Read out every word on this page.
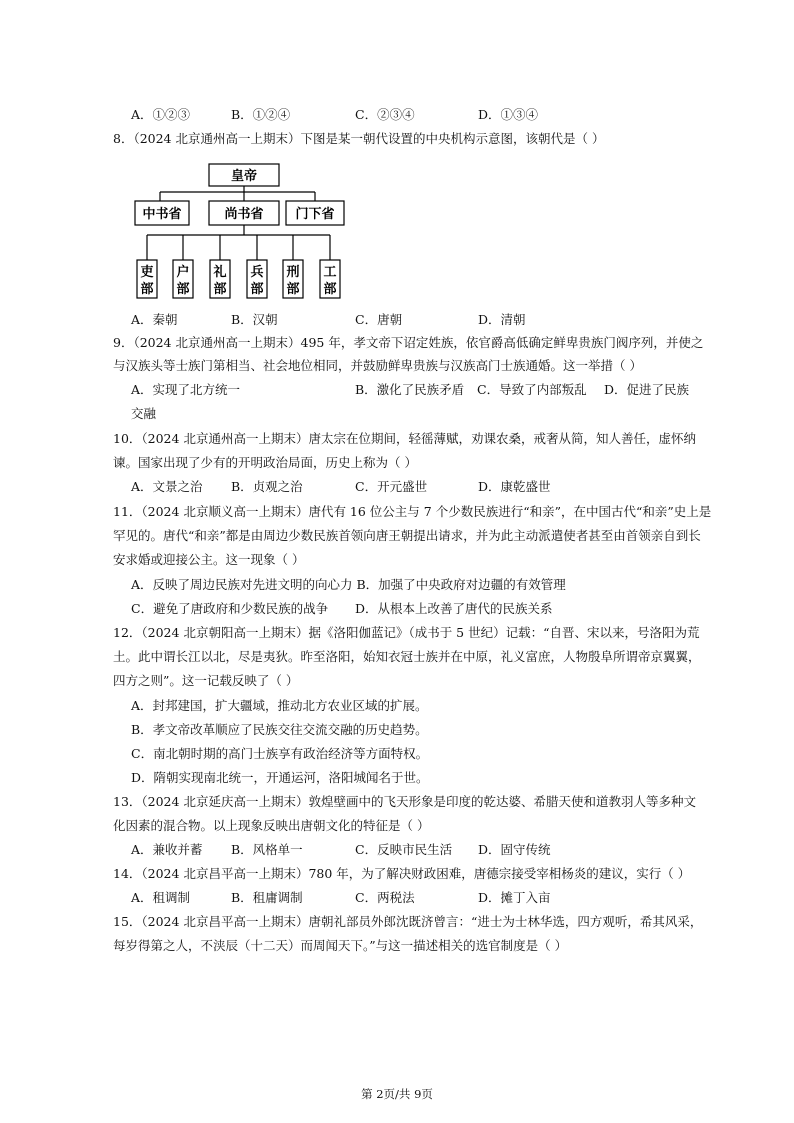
A．①②③	B．①②④	C．②③④	D．①③④
8．（2024 北京通州高一上期末）下图是某一朝代设置的中央机构示意图，该朝代是（ ）
皇帝
中书省	尚书省 门下省
吏部
户部
礼部
兵部
刑部
工部
A．秦朝	B．汉朝	C．唐朝	D．清朝
9．（2024 北京通州高一上期末）495 年，孝文帝下诏定姓族，依官爵高低确定鲜卑贵族门阀序列，并使之
与汉族头等士族门第相当、社会地位相同，并鼓励鲜卑贵族与汉族高门士族通婚。这一举措（ ）
A．实现了北方统一	B．激化了民族矛盾 C．导致了内部叛乱 D．促进了民族
交融
10．（2024 北京通州高一上期末）唐太宗在位期间，轻徭薄赋，劝课农桑，戒奢从简，知人善任，虚怀纳
谏。国家出现了少有的开明政治局面，历史上称为（ ）
A．文景之治 B．贞观之治	C．开元盛世	D．康乾盛世
11．（2024 北京顺义高一上期末）唐代有 16 位公主与 7 个少数民族进行“和亲”，在中国古代“和亲”史上是
罕见的。唐代“和亲”都是由周边少数民族首领向唐王朝提出请求，并为此主动派遣使者甚至由首领亲自到长
安求婚或迎接公主。这一现象（ ）
A．反映了周边民族对先进文明的向心力 B．加强了中央政府对边疆的有效管理
C．避免了唐政府和少数民族的战争 D．从根本上改善了唐代的民族关系
12．（2024 北京朝阳高一上期末）据《洛阳伽蓝记》（成书于 5 世纪）记载：“自晋、宋以来，号洛阳为荒
土。此中谓长江以北，尽是夷狄。昨至洛阳，始知衣冠士族并在中原，礼义富庶，人物殷阜所谓帝京翼翼，
四方之则”。这一记载反映了（ ）
A．封邦建国，扩大疆域，推动北方农业区域的扩展。
B．孝文帝改革顺应了民族交往交流交融的历史趋势。
C．南北朝时期的高门士族享有政治经济等方面特权。
D．隋朝实现南北统一，开通运河，洛阳城闻名于世。
13．（2024 北京延庆高一上期末）敦煌壁画中的飞天形象是印度的乾达婆、希腊天使和道教羽人等多种文
化因素的混合物。以上现象反映出唐朝文化的特征是（ ）
A．兼收并蓄 B．风格单一	C．反映市民生活 D．固守传统
14．（2024 北京昌平高一上期末）780 年，为了解决财政困难，唐德宗接受宰相杨炎的建议，实行（ ）
A．租调制	B．租庸调制	C．两税法	D．摊丁入亩
15．（2024 北京昌平高一上期末）唐朝礼部员外郎沈既济曾言：“进士为士林华选，四方观听，希其风采，
每岁得第之人，不浃辰（十二天）而周闻天下。”与这一描述相关的选官制度是（ ）
第 2页/共 9页
